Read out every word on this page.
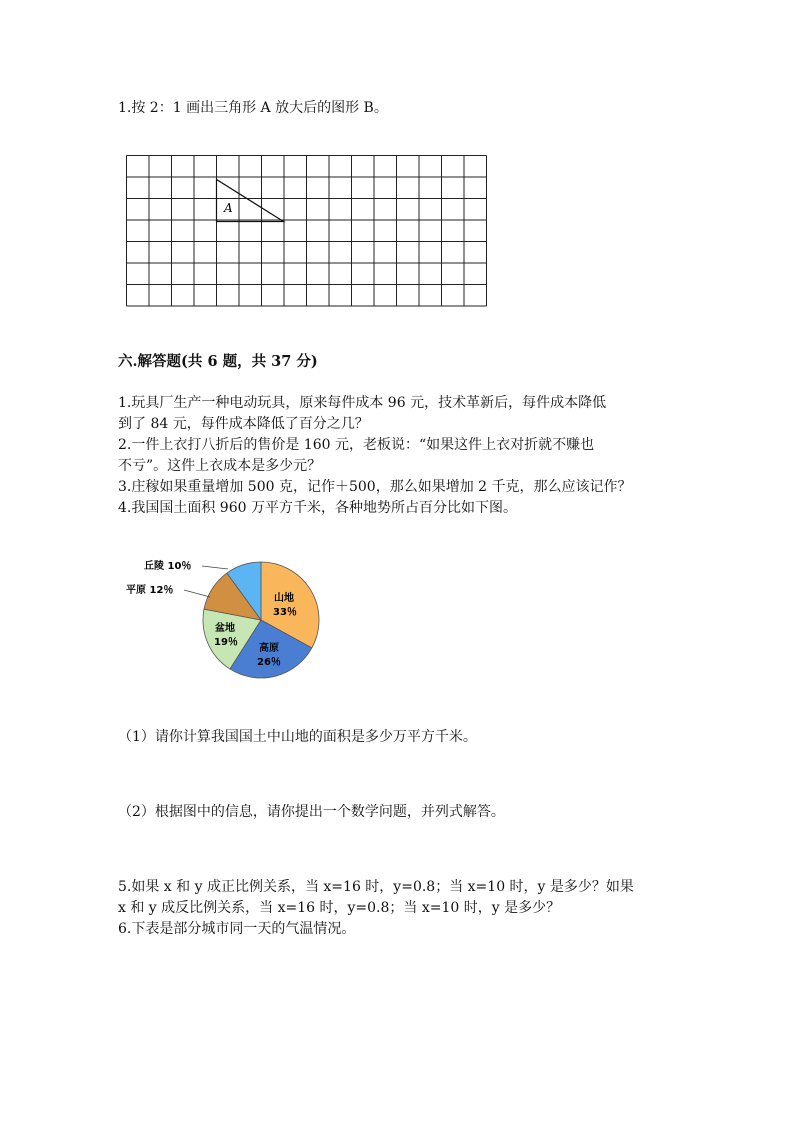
1.按 2：1 画出三角形 A 放大后的图形 B。
A
六.解答题(共 6 题，共 37 分)
1.玩具厂生产一种电动玩具，原来每件成本 96 元，技术革新后，每件成本降低
到了 84 元，每件成本降低了百分之几？
2.一件上衣打八折后的售价是 160 元，老板说：“如果这件上衣对折就不赚也
不亏”。这件上衣成本是多少元？
3.庄稼如果重量增加 500 克，记作＋500，那么如果增加 2 千克，那么应该记作？
4.我国国土面积 960 万平方千米，各种地势所占百分比如下图。
丘陵 10％
平原 12％
山地
33％
高原
26％
盆地
19％
（1）请你计算我国国土中山地的面积是多少万平方千米。
（2）根据图中的信息，请你提出一个数学问题，并列式解答。
5.如果 x 和 y 成正比例关系，当 x=16 时，y=0.8；当 x=10 时，y 是多少？如果
x 和 y 成反比例关系，当 x=16 时，y=0.8；当 x=10 时，y 是多少？
6.下表是部分城市同一天的气温情况。
